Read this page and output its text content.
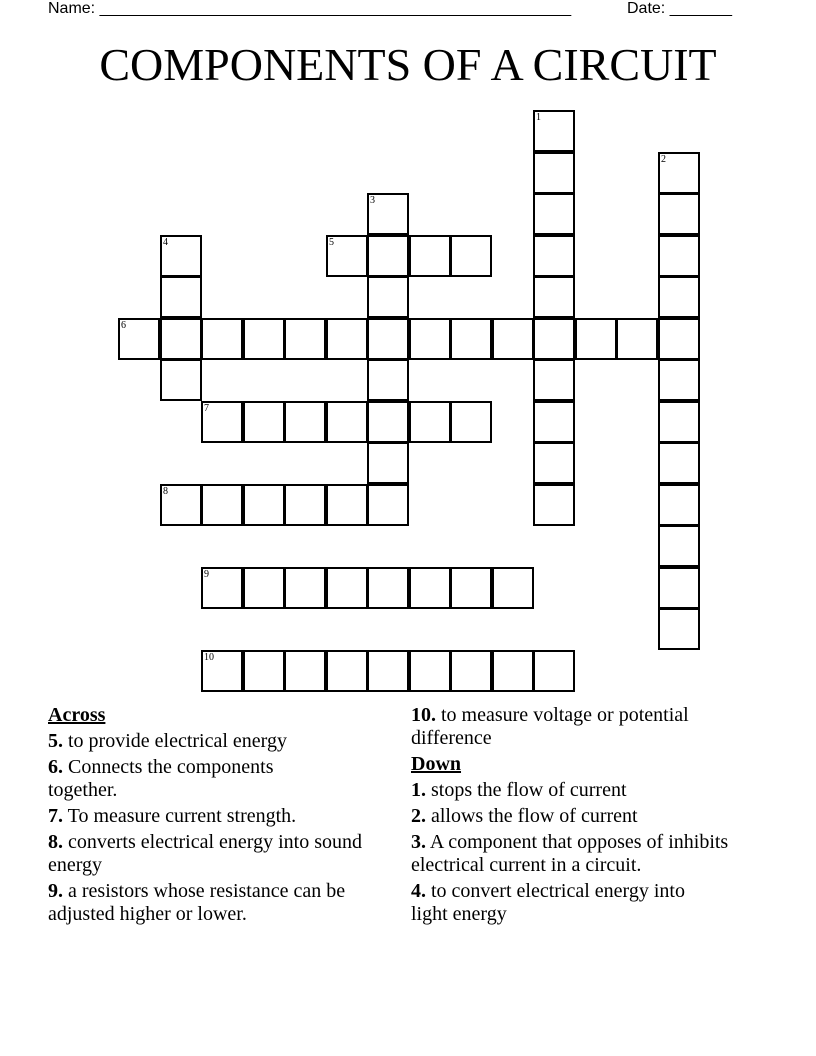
Name: _____________________________________________________	Date: _______
COMPONENTS OF A CIRCUIT
1
2
3
4	5
6
7
8
9
10
Across
5. to provide electrical energy
6. Connects the components together.
7. To measure current strength.
8. converts electrical energy into sound energy
9. a resistors whose resistance can be adjusted higher or lower.
10. to measure voltage or potential difference
Down
1. stops the flow of current
2. allows the flow of current
3. A component that opposes of inhibits electrical current in a circuit.
4. to convert electrical energy into light energy
